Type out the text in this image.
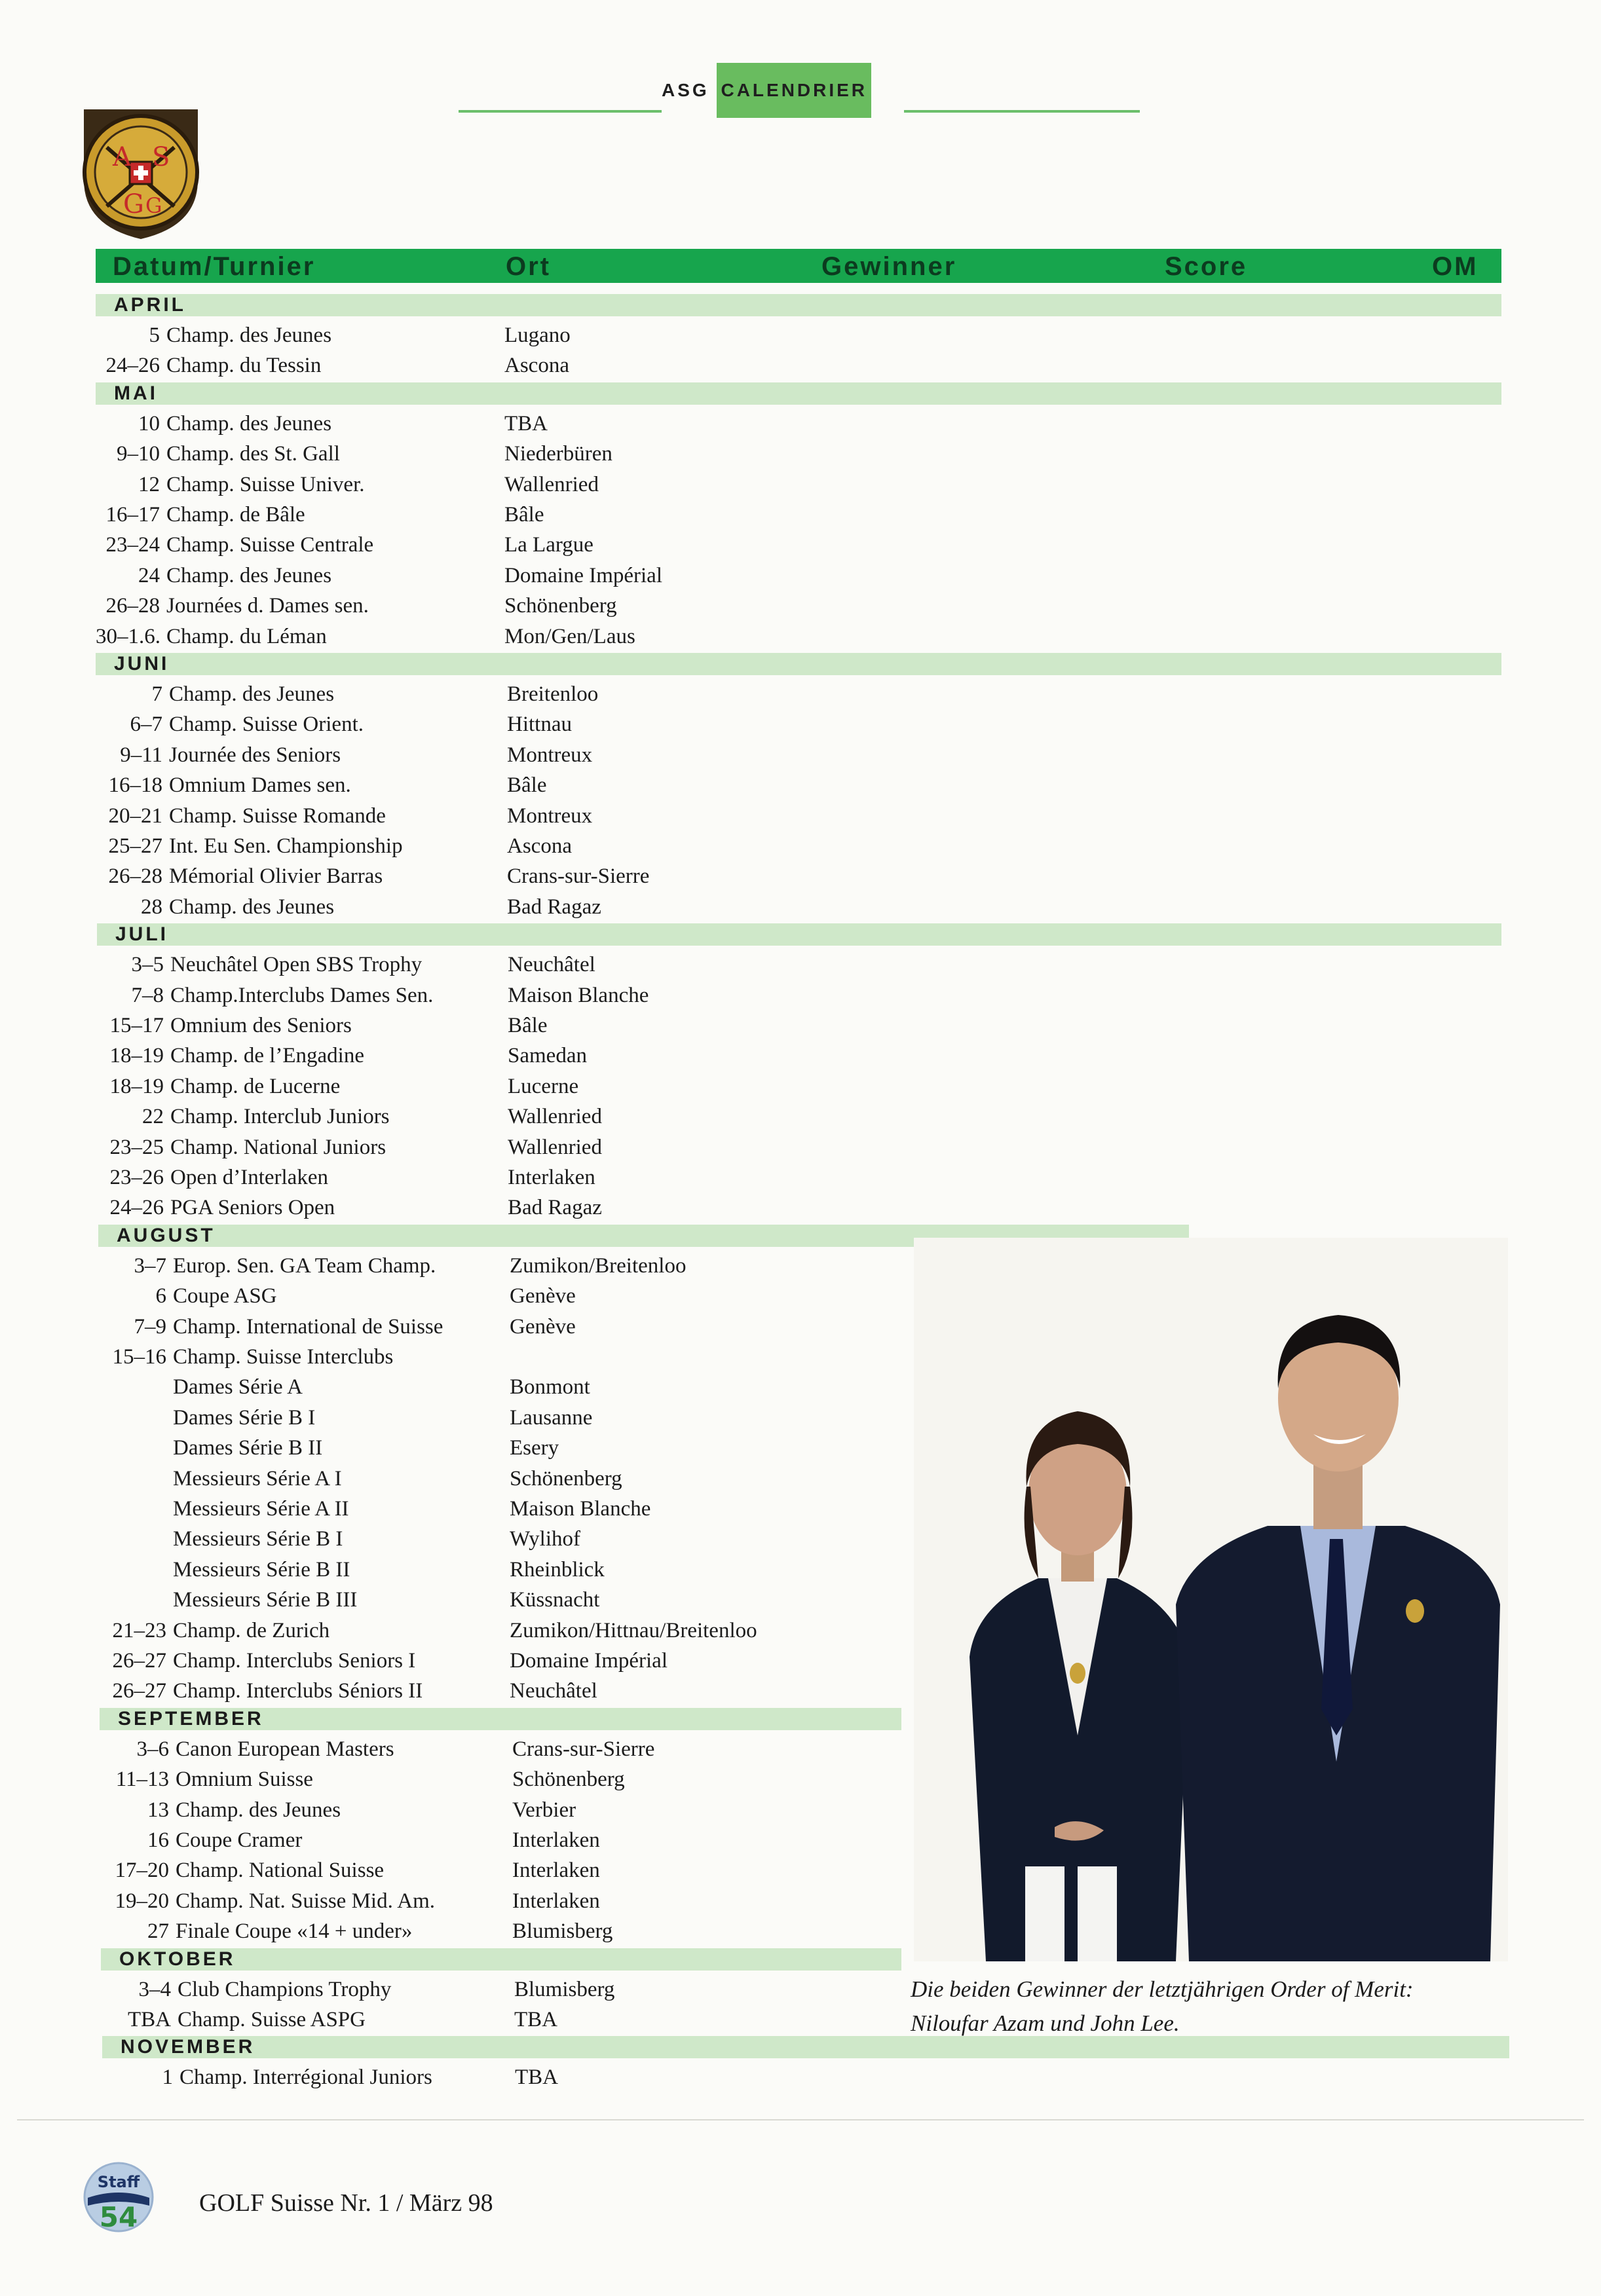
ASG CALENDRIER
A S
G G
Datum/Turnier	Ort	Gewinner	Score	OM
APRIL
5 Champ. des Jeunes	Lugano
24–26 Champ. du Tessin	Ascona
MAI
10 Champ. des Jeunes	TBA
9–10 Champ. des St. Gall	Niederbüren
12 Champ. Suisse Univer.	Wallenried
16–17 Champ. de Bâle	Bâle
23–24 Champ. Suisse Centrale	La Largue
24 Champ. des Jeunes	Domaine Impérial
26–28 Journées d. Dames sen.	Schönenberg
30–1.6. Champ. du Léman	Mon/Gen/Laus
JUNI
7 Champ. des Jeunes	Breitenloo
6–7 Champ. Suisse Orient.	Hittnau
9–11 Journée des Seniors	Montreux
16–18 Omnium Dames sen.	Bâle
20–21 Champ. Suisse Romande	Montreux
25–27 Int. Eu Sen. Championship	Ascona
26–28 Mémorial Olivier Barras	Crans-sur-Sierre
28 Champ. des Jeunes	Bad Ragaz
JULI
3–5 Neuchâtel Open SBS Trophy	Neuchâtel
7–8 Champ.Interclubs Dames Sen.	Maison Blanche
15–17 Omnium des Seniors	Bâle
18–19 Champ. de l’Engadine	Samedan
18–19 Champ. de Lucerne	Lucerne
22 Champ. Interclub Juniors	Wallenried
23–25 Champ. National Juniors	Wallenried
23–26 Open d’Interlaken	Interlaken
24–26 PGA Seniors Open	Bad Ragaz
AUGUST
3–7 Europ. Sen. GA Team Champ.	Zumikon/Breitenloo
6 Coupe ASG	Genève
7–9 Champ. International de Suisse	Genève
15–16 Champ. Suisse Interclubs
Dames Série A	Bonmont
Dames Série B I	Lausanne
Dames Série B II	Esery
Messieurs Série A I	Schönenberg
Messieurs Série A II	Maison Blanche
Messieurs Série B I	Wylihof
Messieurs Série B II	Rheinblick
Messieurs Série B III	Küssnacht
21–23 Champ. de Zurich	Zumikon/Hittnau/Breitenloo
26–27 Champ. Interclubs Seniors I	Domaine Impérial
26–27 Champ. Interclubs Séniors II	Neuchâtel
SEPTEMBER
3–6 Canon European Masters	Crans-sur-Sierre
11–13 Omnium Suisse	Schönenberg
13 Champ. des Jeunes	Verbier
16 Coupe Cramer	Interlaken
17–20 Champ. National Suisse	Interlaken
19–20 Champ. Nat. Suisse Mid. Am.	Interlaken
27 Finale Coupe «14 + under»	Blumisberg
OKTOBER
3–4 Club Champions Trophy	Blumisberg
TBA Champ. Suisse ASPG	TBA
NOVEMBER
1 Champ. Interrégional Juniors	TBA
Die beiden Gewinner der letztjährigen Order of Merit:
Niloufar Azam und John Lee.
Staff
54 GOLF Suisse Nr. 1 / März 98
